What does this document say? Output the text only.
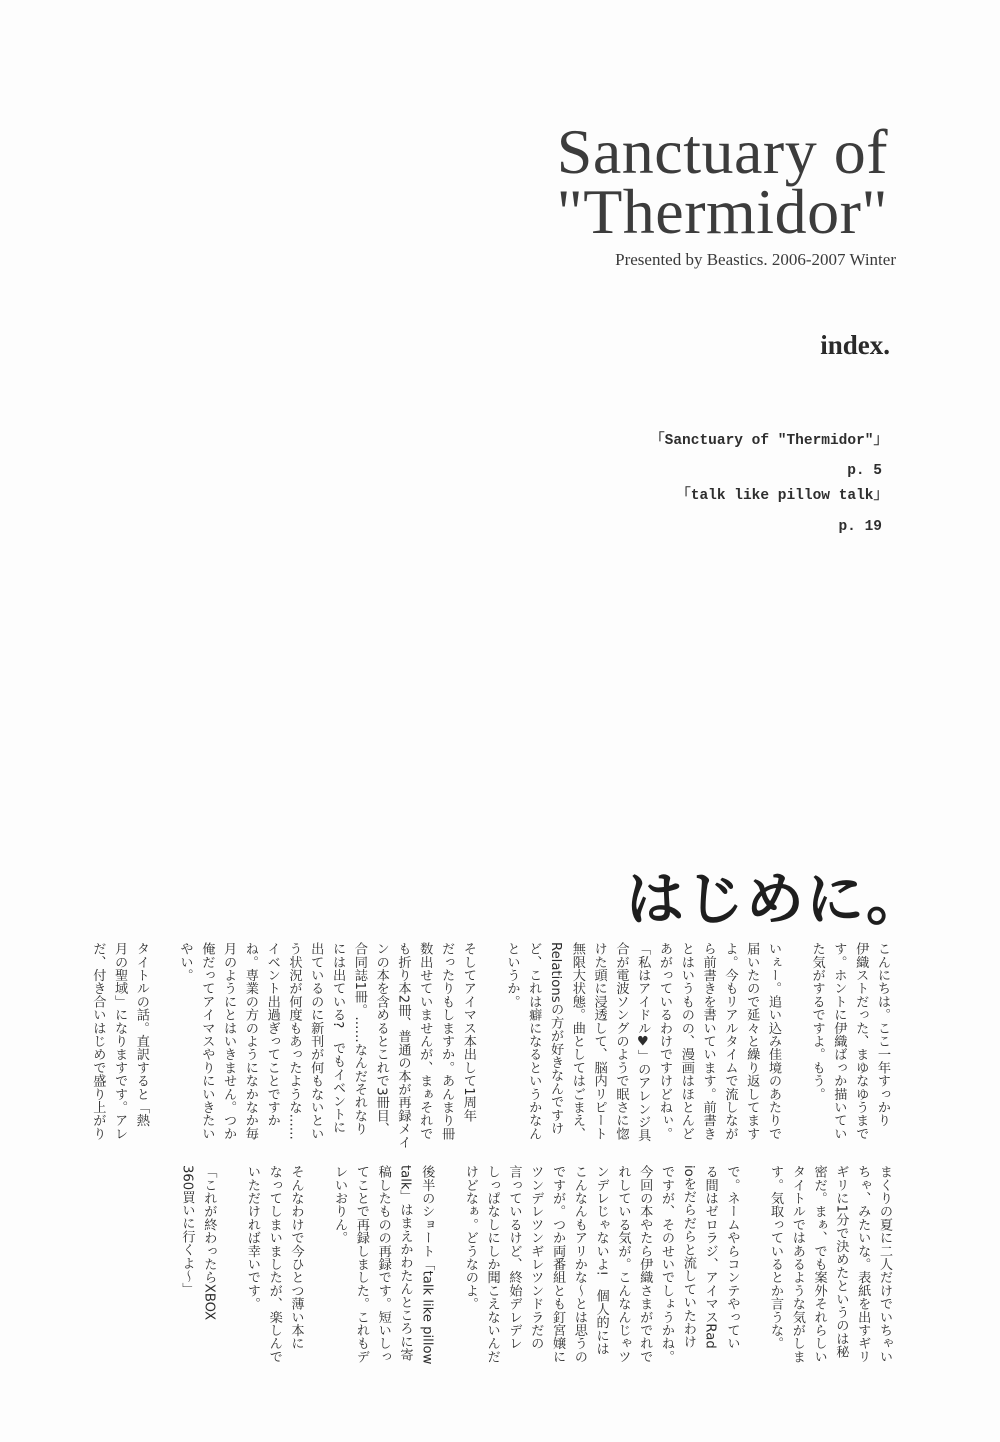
Sanctuary of
"Thermidor"
Presented by Beastics. 2006-2007 Winter
index.
「Sanctuary of "Thermidor"」
p. 5
「talk like pillow talk」
p. 19
はじめに。
こんにちは。ここ一年すっかり
伊織ストだった、まゆなゆうまで
す。ホントに伊織ばっか描いてい
た気がするですよ。もう。

いぇー。追い込み佳境のあたりで
届いたので延々と繰り返してます
よ。今もリアルタイムで流しなが
ら前書きを書いています。前書き
とはいうものの、漫画はほとんど
あがっているわけですけどねぃ。
「私はアイドル♥」のアレンジ具
合が電波ソングのようで眠さに惚
けた頭に浸透して、脳内リピート
無限大状態。曲としてはごまえ、
Relationsの方が好きなんですけ
ど、これは癖になるというかなん
というか。

そしてアイマス本出して1周年
だったりもしますか。あんまり冊
数出せていませんが、まぁそれで
も折り本2冊、普通の本が再録メイ
ンの本を含めるとこれで3冊目、
合同誌1冊。……なんだそれなり
には出ている?　でもイベントに
出ているのに新刊が何もないとい
う状況が何度もあったような……
イベント出過ぎってことですか
ね。専業の方のようになかなか毎
月のようにとはいきません。つか
俺だってアイマスやりにいきたい
やい。

タイトルの話。直訳すると「熱
月の聖域」になりますです。アレ
だ、付き合いはじめで盛り上がり
まくりの夏に二人だけでいちゃい
ちゃ、みたいな。表紙を出すギリ
ギリに1分で決めたというのは秘
密だ。まぁ、でも案外それらしい
タイトルではあるような気がしま
す。気取っているとか言うな。

で。ネームやらコンテやってい
る間はゼロラジ、アイマスRad
ioをだらだらと流していたわけ
ですが、そのせいでしょうかね。
今回の本やたら伊織さまがでれで
れしている気が。こんなんじゃツ
ンデレじゃないよ!　個人的には
こんなんもアリかな～とは思うの
ですが。つか両番組とも釘宮嬢に
ツンデレツンギレツンドラだの
言っているけど、終始デレデレ
しっぱなしにしか聞こえないんだ
けどなぁ。どうなのよ。

後半のショート「talk like pillow
talk」はまえかわたんところに寄
稿したものの再録です。短いしっ
てことで再録しました。これもデ
レいおりん。

そんなわけで今ひとつ薄い本に
なってしまいましたが、楽しんで
いただければ幸いです。

「これが終わったらXBOX
360買いに行くよ～」
